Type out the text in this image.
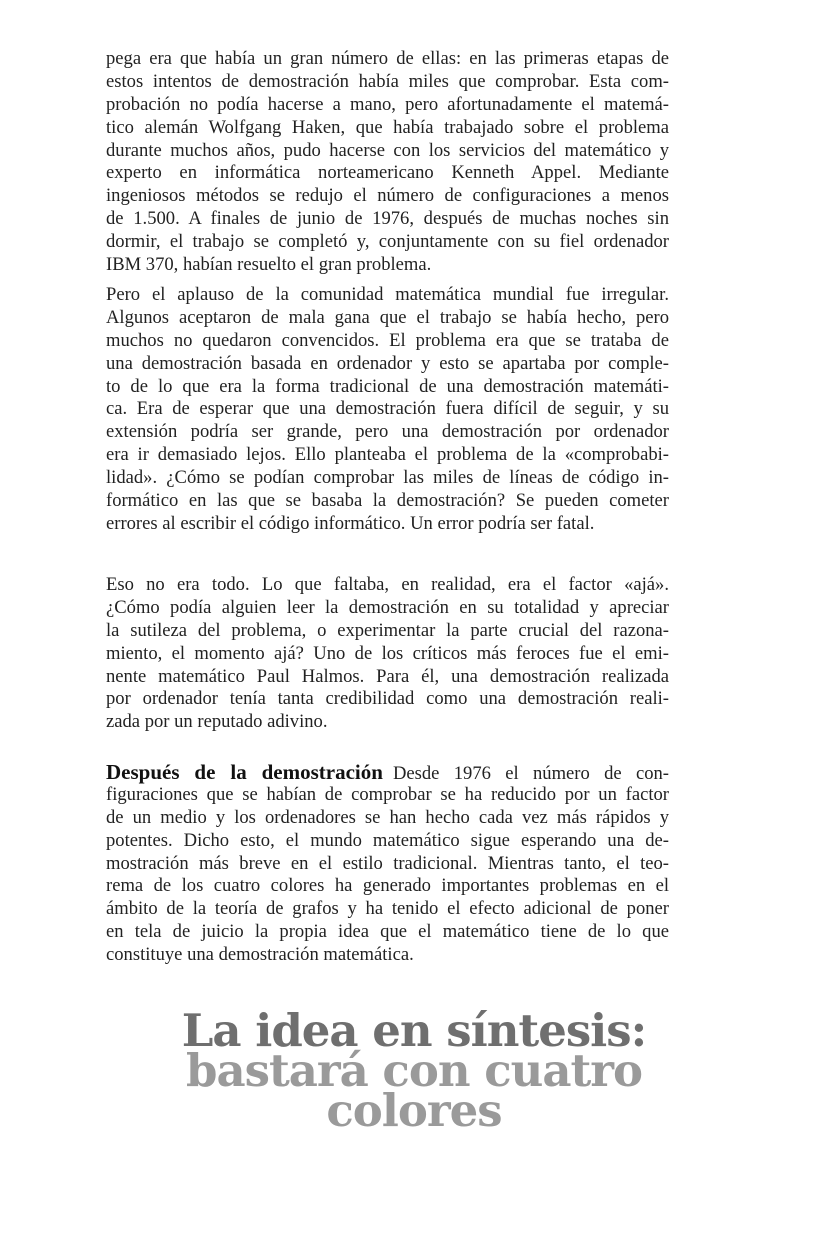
pega era que había un gran número de ellas: en las primeras etapas de
estos intentos de demostración había miles que comprobar. Esta com-
probación no podía hacerse a mano, pero afortunadamente el matemá-
tico alemán Wolfgang Haken, que había trabajado sobre el problema
durante muchos años, pudo hacerse con los servicios del matemático y
experto en informática norteamericano Kenneth Appel. Mediante
ingeniosos métodos se redujo el número de configuraciones a menos
de 1.500. A finales de junio de 1976, después de muchas noches sin
dormir, el trabajo se completó y, conjuntamente con su fiel ordenador
IBM 370, habían resuelto el gran problema.
Pero el aplauso de la comunidad matemática mundial fue irregular.
Algunos aceptaron de mala gana que el trabajo se había hecho, pero
muchos no quedaron convencidos. El problema era que se trataba de
una demostración basada en ordenador y esto se apartaba por comple-
to de lo que era la forma tradicional de una demostración matemáti-
ca. Era de esperar que una demostración fuera difícil de seguir, y su
extensión podría ser grande, pero una demostración por ordenador
era ir demasiado lejos. Ello planteaba el problema de la «comprobabi-
lidad». ¿Cómo se podían comprobar las miles de líneas de código in-
formático en las que se basaba la demostración? Se pueden cometer
errores al escribir el código informático. Un error podría ser fatal.
Eso no era todo. Lo que faltaba, en realidad, era el factor «ajá».
¿Cómo podía alguien leer la demostración en su totalidad y apreciar
la sutileza del problema, o experimentar la parte crucial del razona-
miento, el momento ajá? Uno de los críticos más feroces fue el emi-
nente matemático Paul Halmos. Para él, una demostración realizada
por ordenador tenía tanta credibilidad como una demostración reali-
zada por un reputado adivino.
Después de la demostración Desde 1976 el número de con-
figuraciones que se habían de comprobar se ha reducido por un factor
de un medio y los ordenadores se han hecho cada vez más rápidos y
potentes. Dicho esto, el mundo matemático sigue esperando una de-
mostración más breve en el estilo tradicional. Mientras tanto, el teo-
rema de los cuatro colores ha generado importantes problemas en el
ámbito de la teoría de grafos y ha tenido el efecto adicional de poner
en tela de juicio la propia idea que el matemático tiene de lo que
constituye una demostración matemática.
La idea en síntesis:
bastará con cuatro
colores
